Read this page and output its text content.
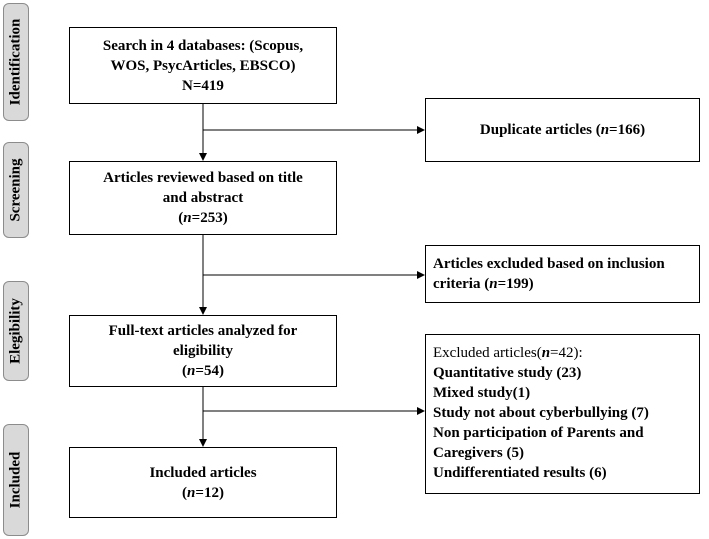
Identification
Screening
Elegibility
Included
Search in 4 databases: (Scopus,
WOS, PsycArticles, EBSCO)
N=419
Duplicate articles (n=166)
Articles reviewed based on title
and abstract
(n=253)
Articles excluded based on inclusion
criteria (n=199)
Full-text articles analyzed for
eligibility
(n=54)
Excluded articles(n=42):
Quantitative study (23)
Mixed study(1)
Study not about cyberbullying (7)
Non participation of Parents and
Caregivers (5)
Undifferentiated results (6)
Included articles
(n=12)
